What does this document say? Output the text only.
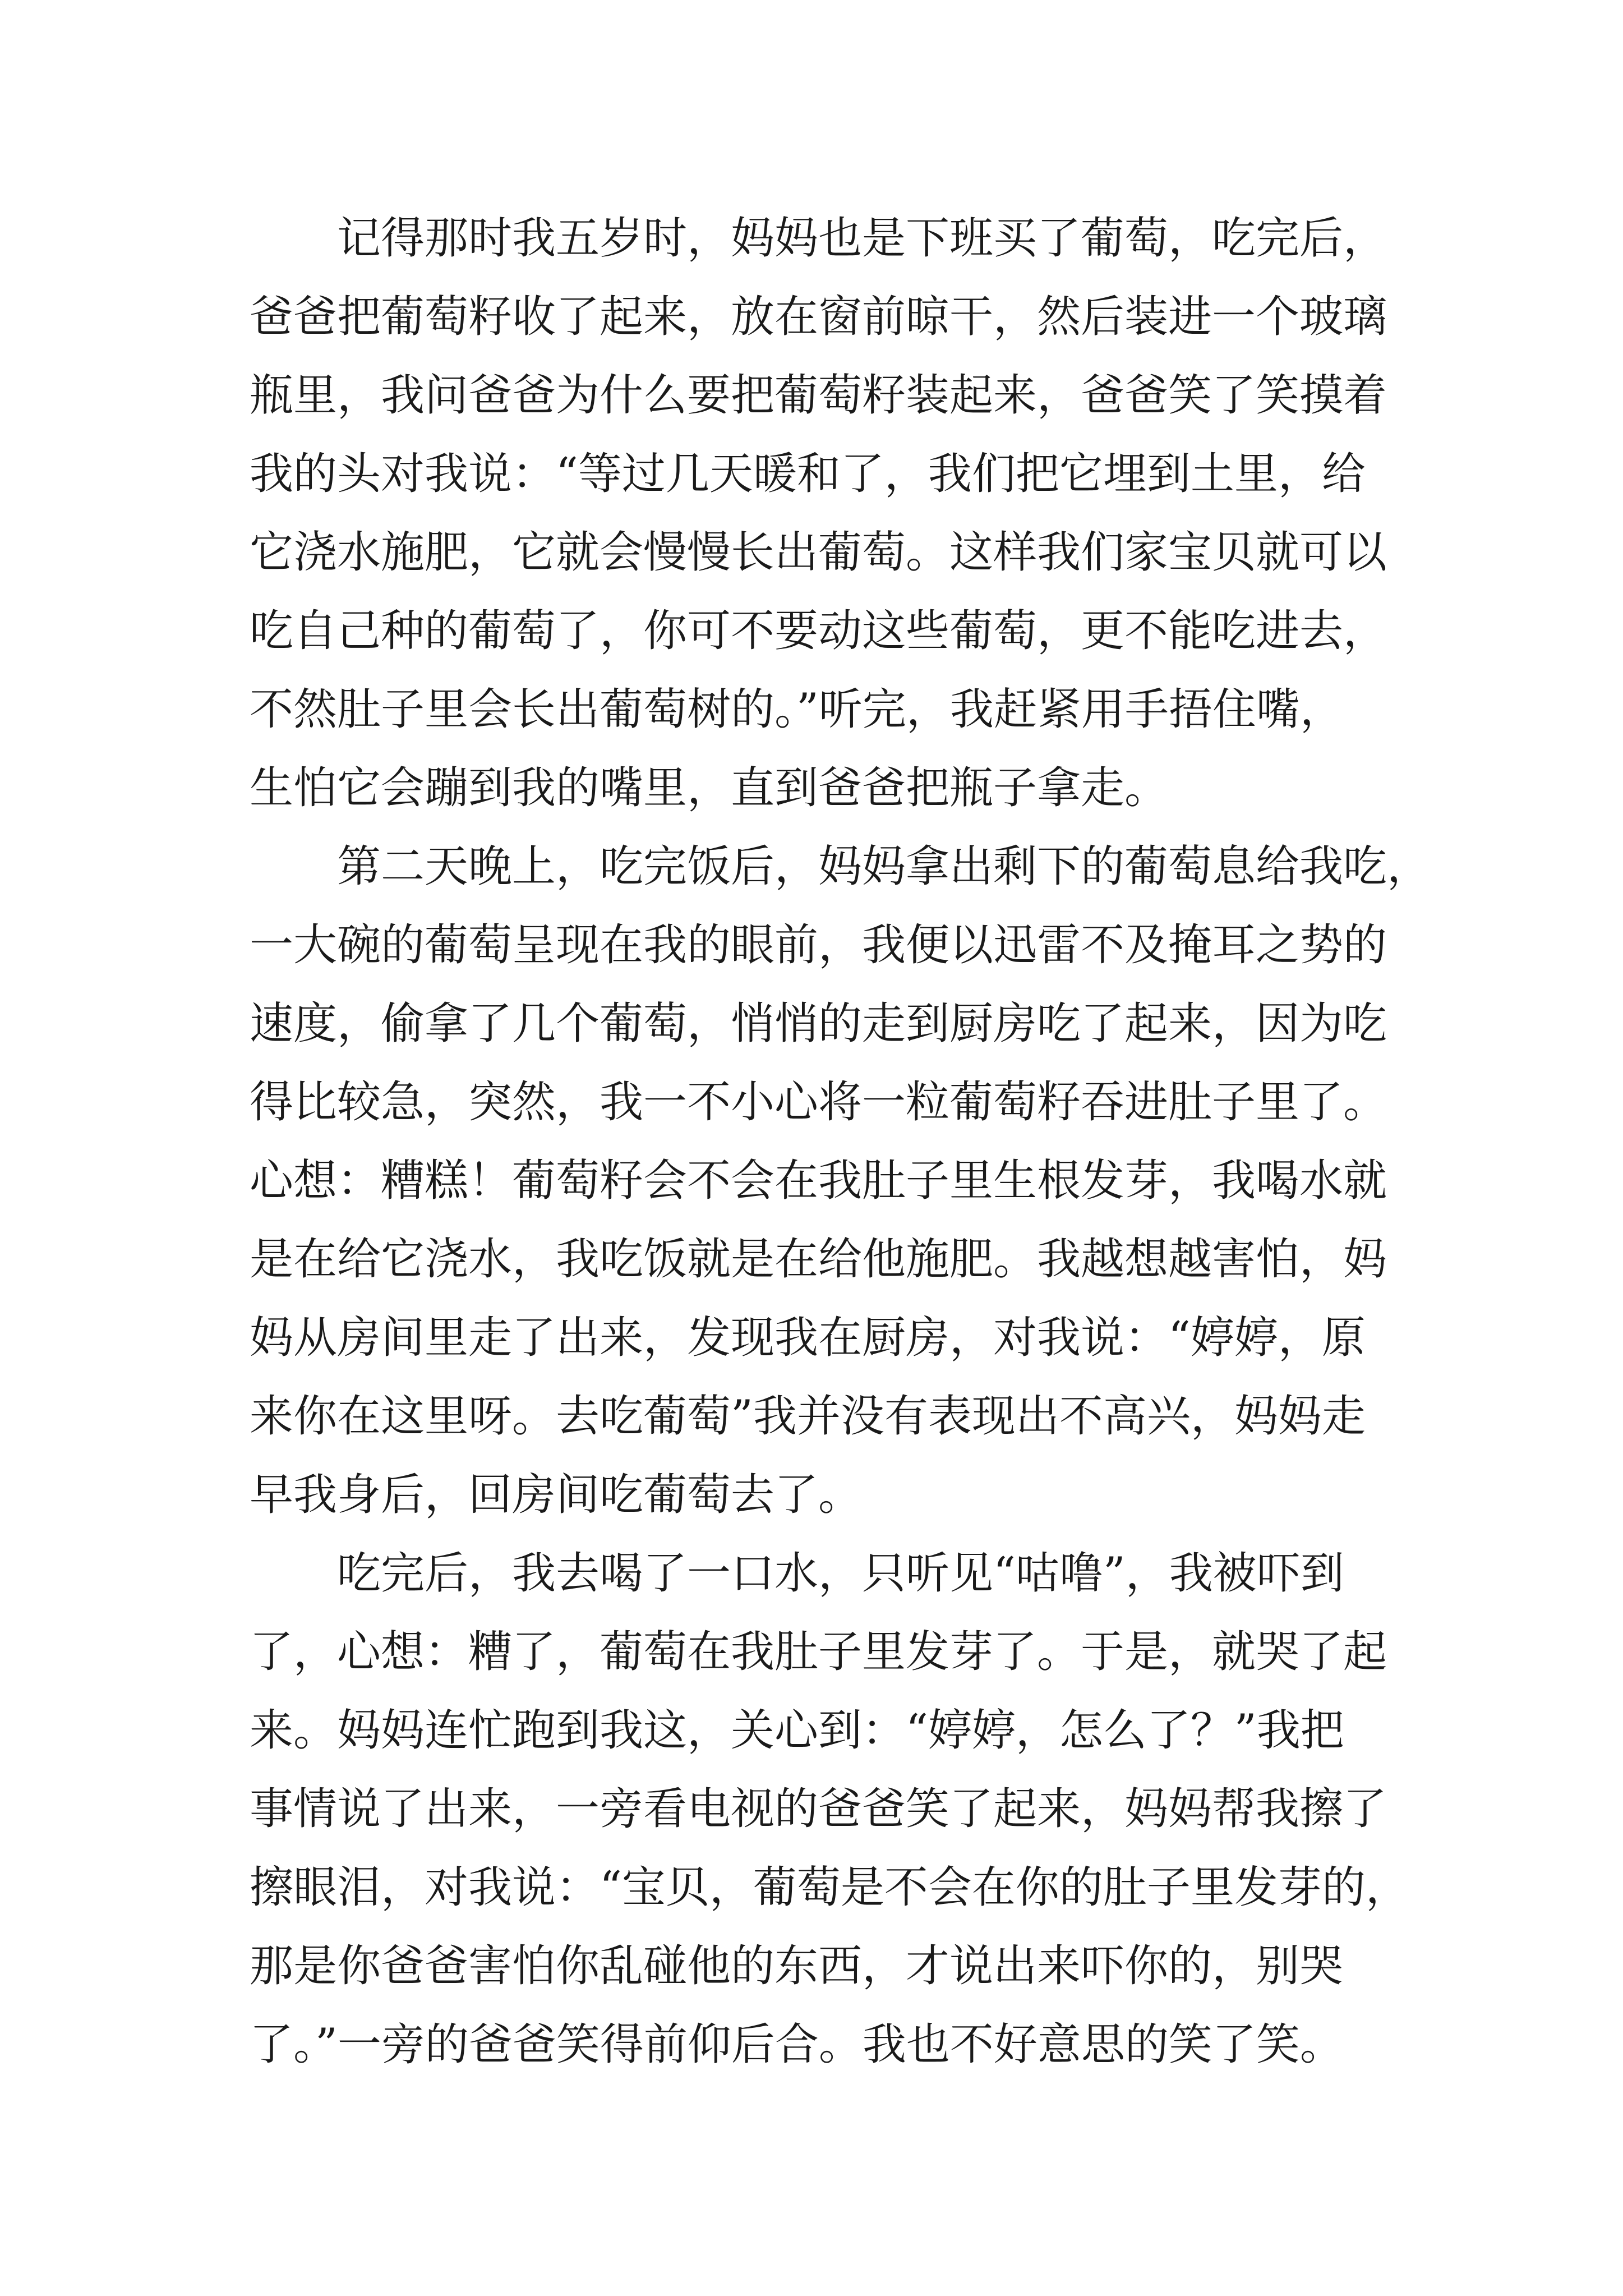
记得那时我五岁时，妈妈也是下班买了葡萄，吃完后，
爸爸把葡萄籽收了起来，放在窗前晾干，然后装进一个玻璃
瓶里，我问爸爸为什么要把葡萄籽装起来，爸爸笑了笑摸着
我的头对我说：“等过几天暖和了，我们把它埋到土里，给
它浇水施肥，它就会慢慢长出葡萄。这样我们家宝贝就可以
吃自己种的葡萄了，你可不要动这些葡萄，更不能吃进去，
不然肚子里会长出葡萄树的。”听完，我赶紧用手捂住嘴，
生怕它会蹦到我的嘴里，直到爸爸把瓶子拿走。
第二天晚上，吃完饭后，妈妈拿出剩下的葡萄息给我吃，
一大碗的葡萄呈现在我的眼前，我便以迅雷不及掩耳之势的
速度，偷拿了几个葡萄，悄悄的走到厨房吃了起来，因为吃
得比较急，突然，我一不小心将一粒葡萄籽吞进肚子里了。
心想：糟糕！葡萄籽会不会在我肚子里生根发芽，我喝水就
是在给它浇水，我吃饭就是在给他施肥。我越想越害怕，妈
妈从房间里走了出来，发现我在厨房，对我说：“婷婷，原
来你在这里呀。去吃葡萄”我并没有表现出不高兴，妈妈走
早我身后，回房间吃葡萄去了。
吃完后，我去喝了一口水，只听见“咕噜”，我被吓到
了，心想：糟了，葡萄在我肚子里发芽了。于是，就哭了起
来。妈妈连忙跑到我这，关心到：“婷婷，怎么了？”我把
事情说了出来，一旁看电视的爸爸笑了起来，妈妈帮我擦了
擦眼泪，对我说：“宝贝，葡萄是不会在你的肚子里发芽的，
那是你爸爸害怕你乱碰他的东西，才说出来吓你的，别哭
了。”一旁的爸爸笑得前仰后合。我也不好意思的笑了笑。
